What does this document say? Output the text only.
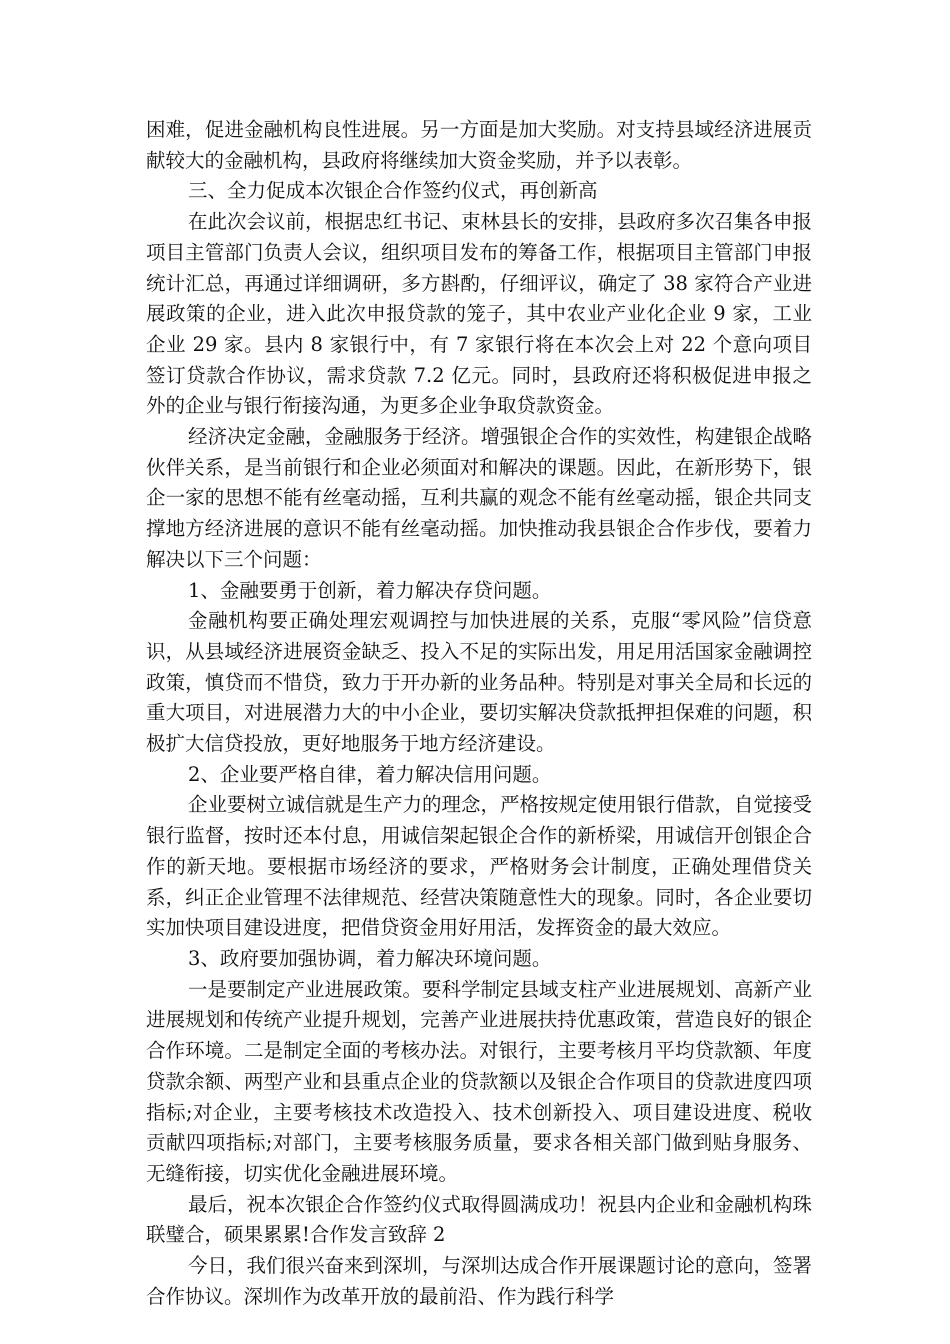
困难，促进金融机构良性进展。另一方面是加大奖励。对支持县域经济进展贡献较大的金融机构，县政府将继续加大资金奖励，并予以表彰。

三、全力促成本次银企合作签约仪式，再创新高

在此次会议前，根据忠红书记、束林县长的安排，县政府多次召集各申报项目主管部门负责人会议，组织项目发布的筹备工作，根据项目主管部门申报统计汇总，再通过详细调研，多方斟酌，仔细评议，确定了 38 家符合产业进展政策的企业，进入此次申报贷款的笼子，其中农业产业化企业 9 家，工业企业 29 家。县内 8 家银行中，有 7 家银行将在本次会上对 22 个意向项目签订贷款合作协议，需求贷款 7.2 亿元。同时，县政府还将积极促进申报之外的企业与银行衔接沟通，为更多企业争取贷款资金。

经济决定金融，金融服务于经济。增强银企合作的实效性，构建银企战略伙伴关系，是当前银行和企业必须面对和解决的课题。因此，在新形势下，银企一家的思想不能有丝毫动摇，互利共赢的观念不能有丝毫动摇，银企共同支撑地方经济进展的意识不能有丝毫动摇。加快推动我县银企合作步伐，要着力解决以下三个问题：

1、金融要勇于创新，着力解决存贷问题。

金融机构要正确处理宏观调控与加快进展的关系，克服“零风险”信贷意识，从县域经济进展资金缺乏、投入不足的实际出发，用足用活国家金融调控政策，慎贷而不惜贷，致力于开办新的业务品种。特别是对事关全局和长远的重大项目，对进展潜力大的中小企业，要切实解决贷款抵押担保难的问题，积极扩大信贷投放，更好地服务于地方经济建设。

2、企业要严格自律，着力解决信用问题。

企业要树立诚信就是生产力的理念，严格按规定使用银行借款，自觉接受银行监督，按时还本付息，用诚信架起银企合作的新桥梁，用诚信开创银企合作的新天地。要根据市场经济的要求，严格财务会计制度，正确处理借贷关系，纠正企业管理不法律规范、经营决策随意性大的现象。同时，各企业要切实加快项目建设进度，把借贷资金用好用活，发挥资金的最大效应。

3、政府要加强协调，着力解决环境问题。

一是要制定产业进展政策。要科学制定县域支柱产业进展规划、高新产业进展规划和传统产业提升规划，完善产业进展扶持优惠政策，营造良好的银企合作环境。二是制定全面的考核办法。对银行，主要考核月平均贷款额、年度贷款余额、两型产业和县重点企业的贷款额以及银企合作项目的贷款进度四项指标;对企业，主要考核技术改造投入、技术创新投入、项目建设进度、税收贡献四项指标;对部门，主要考核服务质量，要求各相关部门做到贴身服务、无缝衔接，切实优化金融进展环境。

最后，祝本次银企合作签约仪式取得圆满成功！祝县内企业和金融机构珠联璧合，硕果累累!合作发言致辞 2

今日，我们很兴奋来到深圳，与深圳达成合作开展课题讨论的意向，签署合作协议。深圳作为改革开放的最前沿、作为践行科学
